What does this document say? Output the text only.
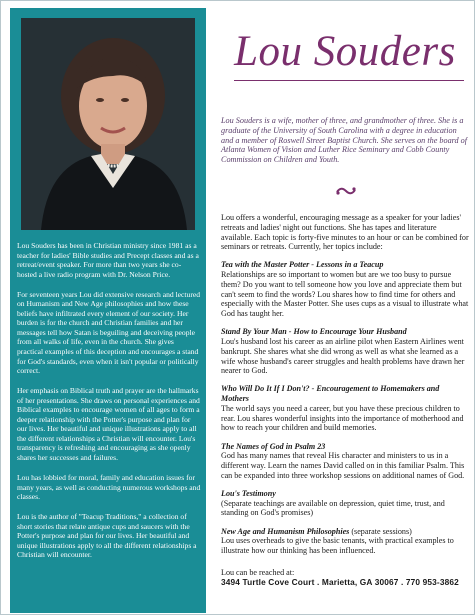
Lou Souders has been in Christian ministry since 1981 as a teacher for ladies' Bible studies and Precept classes and as a retreat/event speaker. For more than two years she co-hosted a live radio program with Dr. Nelson Price.

For seventeen years Lou did extensive research and lectured on Humanism and New Age philosophies and how these beliefs have infiltrated every element of our society. Her burden is for the church and Christian families and her messages tell how Satan is beguiling and deceiving people from all walks of life, even in the church. She gives practical examples of this deception and encourages a stand for God's standards, even when it isn't popular or politically correct.

Her emphasis on Biblical truth and prayer are the hallmarks of her presentations. She draws on personal experiences and Biblical examples to encourage women of all ages to form a deeper relationship with the Potter's purpose and plan for our lives. Her beautiful and unique illustrations apply to all the different relationships a Christian will encounter. Lou's transparency is refreshing and encouraging as she openly shares her successes and failures.

Lou has lobbied for moral, family and education issues for many years, as well as conducting numerous workshops and classes.

Lou is the author of "Teacup Traditions," a collection of short stories that relate antique cups and saucers with the Potter's purpose and plan for our lives. Her beautiful and unique illustrations apply to all the different relationships a Christian will encounter.

Lou Souders
Lou Souders is a wife, mother of three, and grandmother of three. She is a graduate of the University of South Carolina with a degree in education and a member of Roswell Street Baptist Church. She serves on the board of Atlanta Women of Vision and Luther Rice Seminary and Cobb County Commission on Children and Youth.

Lou offers a wonderful, encouraging message as a speaker for your ladies' retreats and ladies' night out functions. She has tapes and literature available. Each topic is forty-five minutes to an hour or can be combined for seminars or retreats. Currently, her topics include:

Tea with the Master Potter - Lessons in a Teacup
Relationships are so important to women but are we too busy to pursue them? Do you want to tell someone how you love and appreciate them but can't seem to find the words? Lou shares how to find time for others and especially with the Master Potter. She uses cups as a visual to illustrate what God has taught her.

Stand By Your Man - How to Encourage Your Husband
Lou's husband lost his career as an airline pilot when Eastern Airlines went bankrupt. She shares what she did wrong as well as what she learned as a wife whose husband's career struggles and health problems have drawn her nearer to God.

Who Will Do It If I Don't? - Encouragement to Homemakers and Mothers
The world says you need a career, but you have these precious children to rear. Lou shares wonderful insights into the importance of motherhood and how to reach your children and build memories.

The Names of God in Psalm 23
God has many names that reveal His character and ministers to us in a different way. Learn the names David called on in this familiar Psalm. This can be expanded into three workshop sessions on additional names of God.

Lou's Testimony
(Separate teachings are available on depression, quiet time, trust, and standing on God's promises)

New Age and Humanism Philosophies (separate sessions)
Lou uses overheads to give the basic tenants, with practical examples to illustrate how our thinking has been influenced.

Lou can be reached at:
3494 Turtle Cove Court . Marietta, GA 30067 . 770 953-3862
